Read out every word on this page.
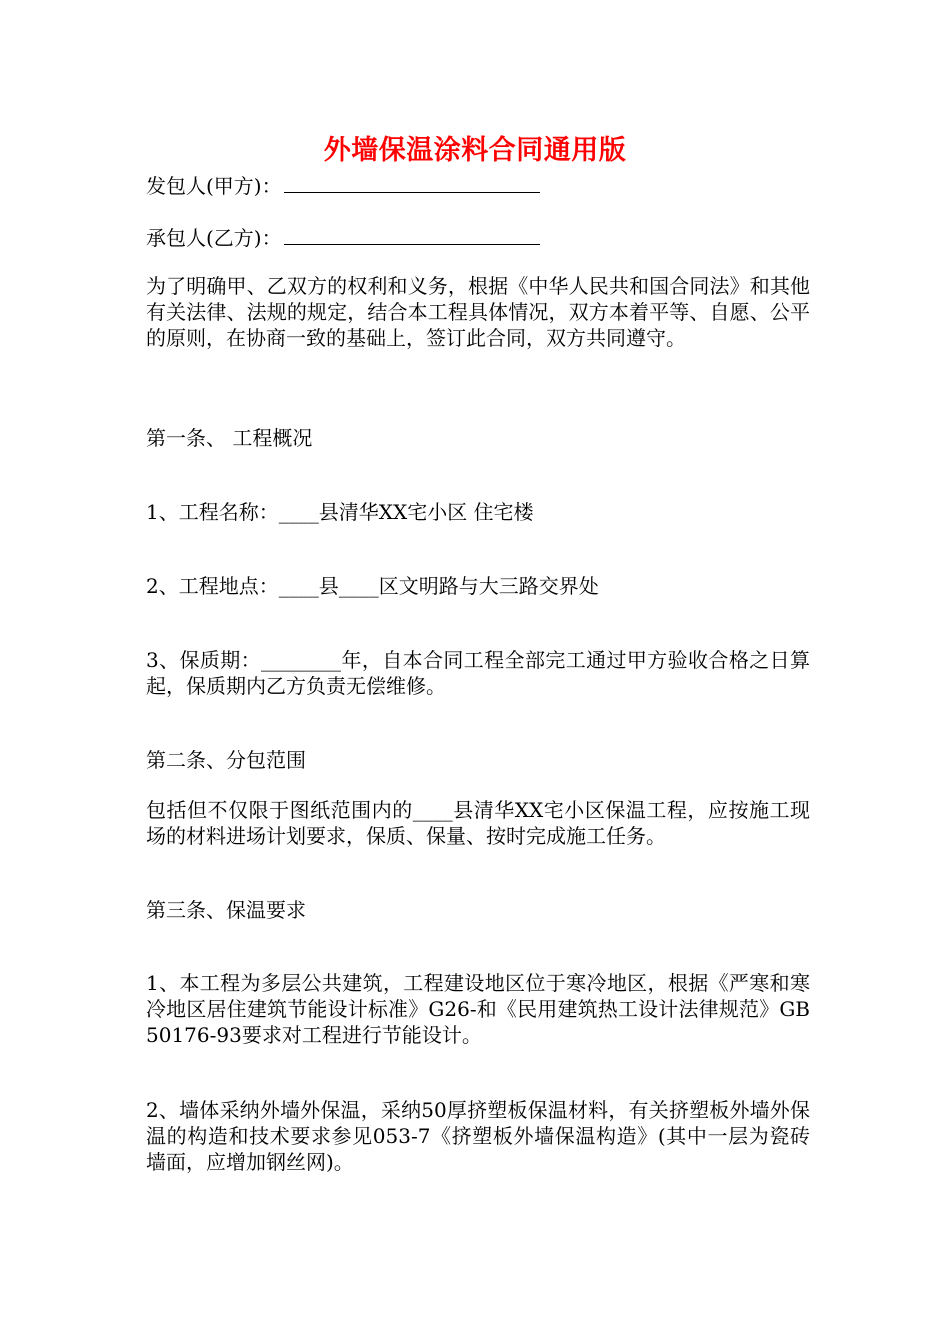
外墙保温涂料合同通用版

发包人(甲方)：

承包人(乙方)：

为了明确甲、乙双方的权利和义务，根据《中华人民共和国合同法》和其他有关法律、法规的规定，结合本工程具体情况，双方本着平等、自愿、公平的原则，在协商一致的基础上，签订此合同，双方共同遵守。

第一条、 工程概况

1、工程名称：____县清华XX宅小区 住宅楼

2、工程地点：____县____区文明路与大三路交界处

3、保质期：________年，自本合同工程全部完工通过甲方验收合格之日算起，保质期内乙方负责无偿维修。

第二条、分包范围

包括但不仅限于图纸范围内的____县清华XX宅小区保温工程，应按施工现场的材料进场计划要求，保质、保量、按时完成施工任务。

第三条、保温要求

1、本工程为多层公共建筑，工程建设地区位于寒冷地区，根据《严寒和寒冷地区居住建筑节能设计标准》G26-和《民用建筑热工设计法律规范》GB50176-93要求对工程进行节能设计。

2、墙体采纳外墙外保温，采纳50厚挤塑板保温材料，有关挤塑板外墙外保温的构造和技术要求参见053-7《挤塑板外墙保温构造》(其中一层为瓷砖墙面，应增加钢丝网)。
